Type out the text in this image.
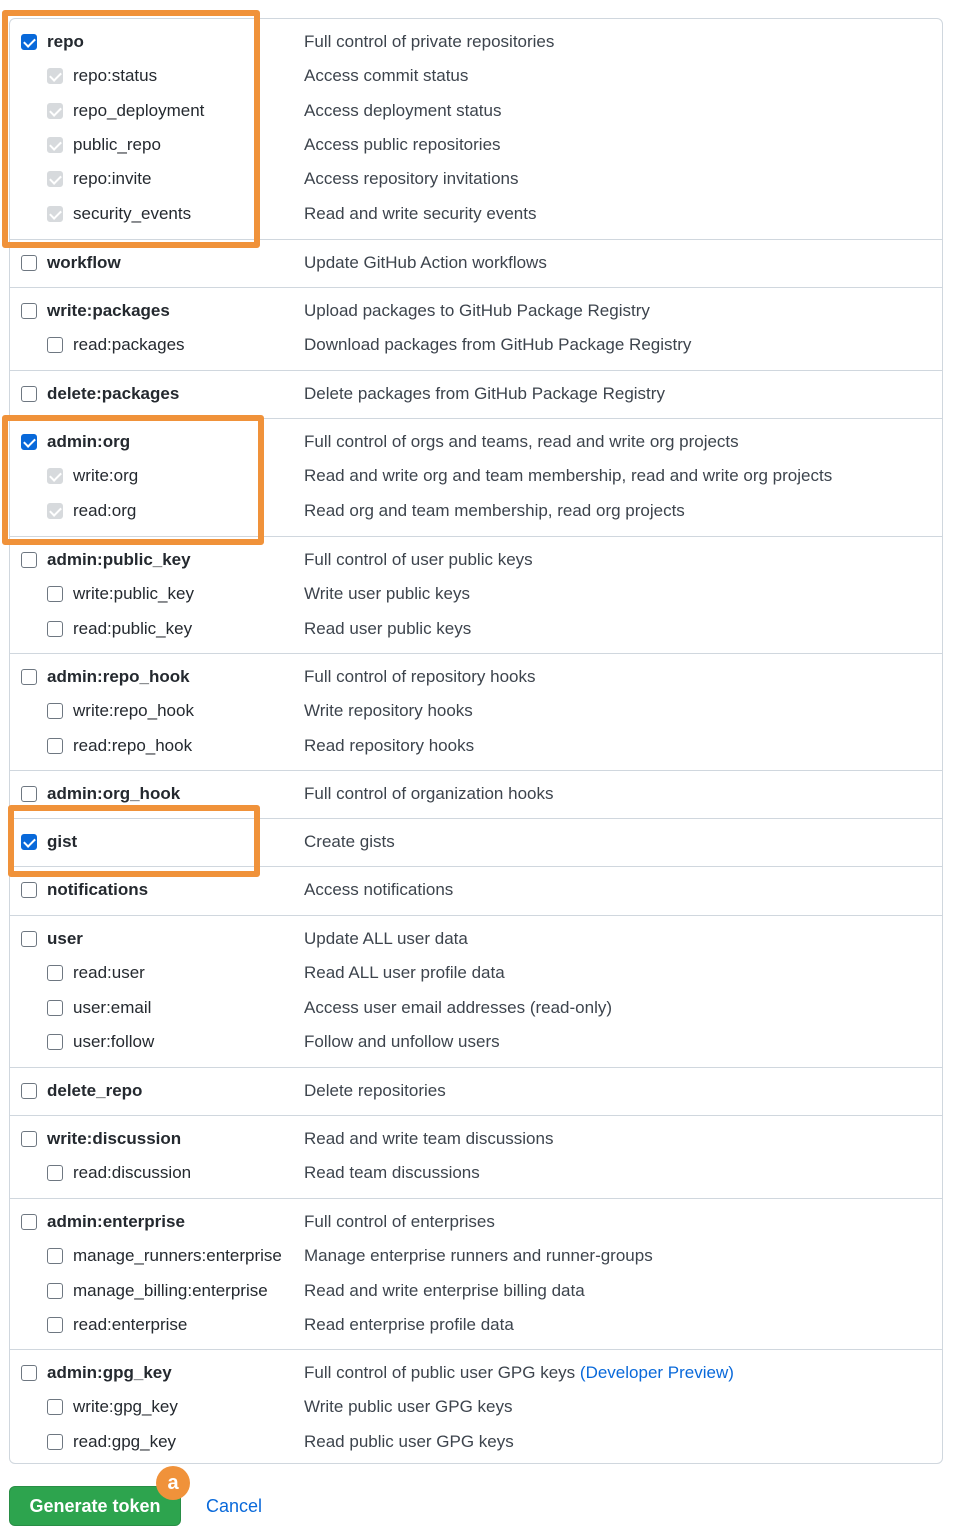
repo	Full control of private repositories
repo:status	Access commit status
repo_deployment	Access deployment status
public_repo	Access public repositories
repo:invite	Access repository invitations
security_events	Read and write security events
workflow	Update GitHub Action workflows
write:packages	Upload packages to GitHub Package Registry
read:packages	Download packages from GitHub Package Registry
delete:packages	Delete packages from GitHub Package Registry
admin:org	Full control of orgs and teams, read and write org projects
write:org	Read and write org and team membership, read and write org projects
read:org	Read org and team membership, read org projects
admin:public_key	Full control of user public keys
write:public_key	Write user public keys
read:public_key	Read user public keys
admin:repo_hook	Full control of repository hooks
write:repo_hook	Write repository hooks
read:repo_hook	Read repository hooks
admin:org_hook	Full control of organization hooks
gist	Create gists
notifications	Access notifications
user	Update ALL user data
read:user	Read ALL user profile data
user:email	Access user email addresses (read-only)
user:follow	Follow and unfollow users
delete_repo	Delete repositories
write:discussion	Read and write team discussions
read:discussion	Read team discussions
admin:enterprise	Full control of enterprises
manage_runners:enterprise Manage enterprise runners and runner-groups
manage_billing:enterprise Read and write enterprise billing data
read:enterprise	Read enterprise profile data
admin:gpg_key	Full control of public user GPG keys (Developer Preview)
write:gpg_key	Write public user GPG keys
read:gpg_key	Read public user GPG keys
Generate token
a
Cancel
